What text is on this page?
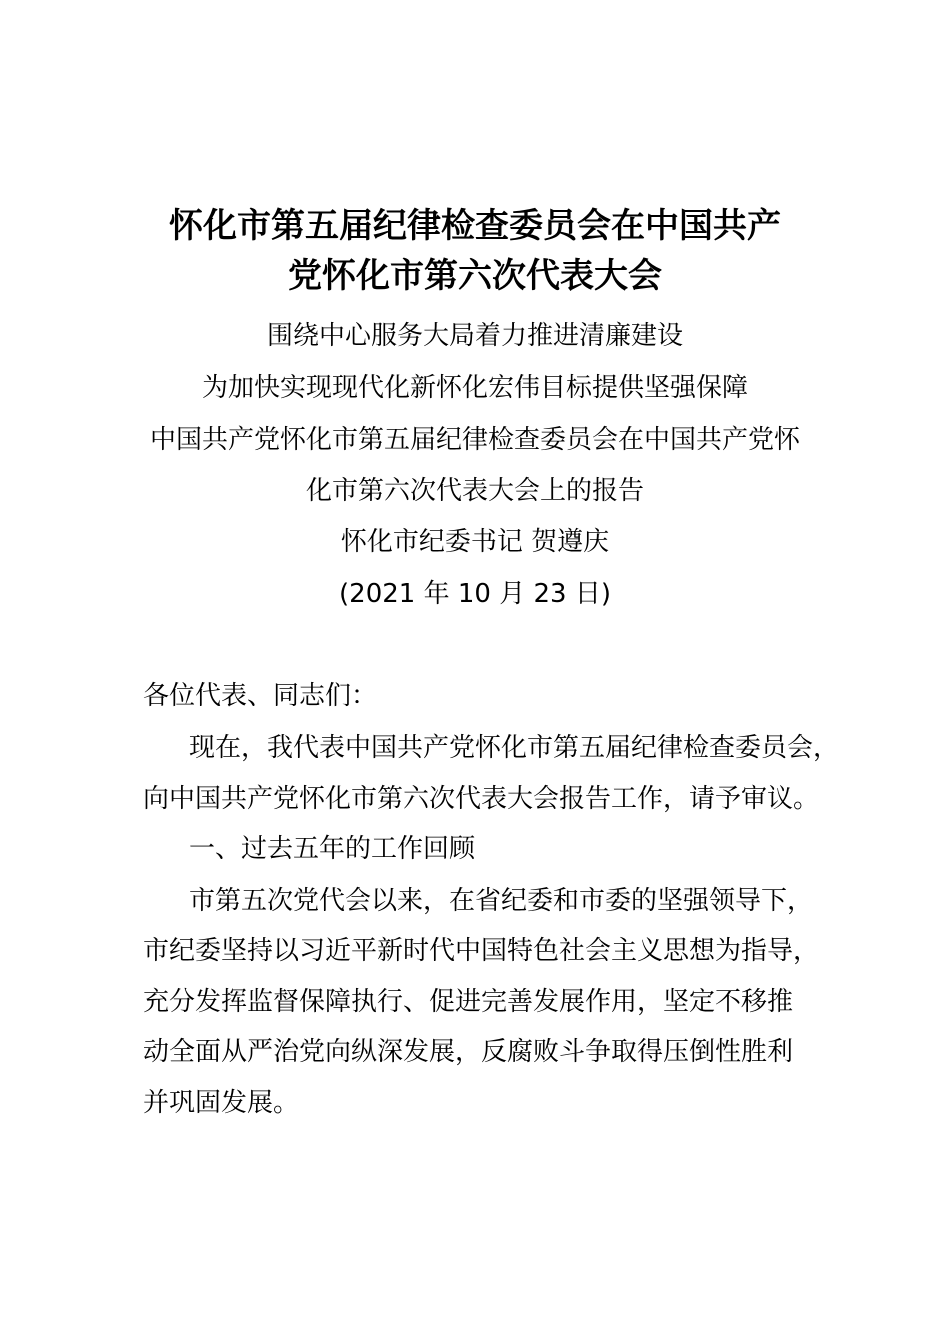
怀化市第五届纪律检查委员会在中国共产
党怀化市第六次代表大会
围绕中心服务大局着力推进清廉建设
为加快实现现代化新怀化宏伟目标提供坚强保障
中国共产党怀化市第五届纪律检查委员会在中国共产党怀
化市第六次代表大会上的报告
怀化市纪委书记 贺遵庆
(2021 年 10 月 23 日)
各位代表、同志们：
现在，我代表中国共产党怀化市第五届纪律检查委员会，
向中国共产党怀化市第六次代表大会报告工作，请予审议。
一、过去五年的工作回顾
市第五次党代会以来，在省纪委和市委的坚强领导下，
市纪委坚持以习近平新时代中国特色社会主义思想为指导，
充分发挥监督保障执行、促进完善发展作用，坚定不移推
动全面从严治党向纵深发展，反腐败斗争取得压倒性胜利
并巩固发展。
